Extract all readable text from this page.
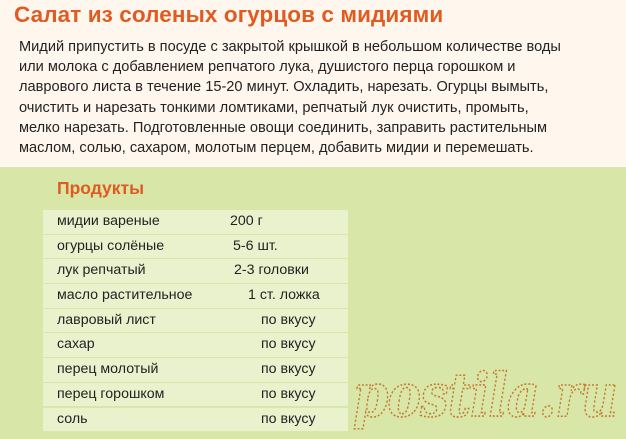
Салат из соленых огурцов с мидиями
Мидий припустить в посуде с закрытой крышкой в небольшом количестве воды
или молока с добавлением репчатого лука, душистого перца горошком и
лаврового листа в течение 15-20 минут. Охладить, нарезать. Огурцы вымыть,
очистить и нарезать тонкими ломтиками, репчатый лук очистить, промыть,
мелко нарезать. Подготовленные овощи соединить, заправить растительным
маслом, солью, сахаром, молотым перцем, добавить мидии и перемешать.
Продукты
мидии вареные	200 г
огурцы солёные	5-6 шт.
лук репчатый	2-3 головки
масло растительное	1 ст. ложка
лавровый лист	по вкусу
сахар	по вкусу
перец молотый	по вкусу
перец горошком	по вкусу
соль	по вкусу postila.ru
